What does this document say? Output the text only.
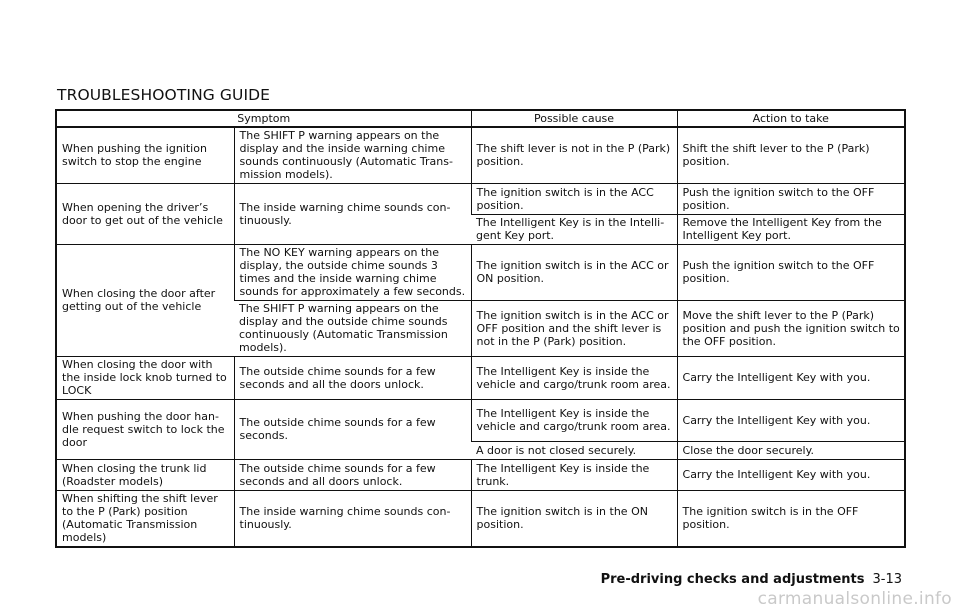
TROUBLESHOOTING GUIDE
Symptom		Possible cause	Action to take
When pushing the ignition switch to stop the engine	The SHIFT P warning appears on the display and the inside warning chime sounds continuously (Automatic Trans-mission models).	The shift lever is not in the P (Park) position.	Shift the shift lever to the P (Park) position.
When opening the driver’s door to get out of the vehicle	The inside warning chime sounds con-tinuously.	The ignition switch is in the ACC position.	Push the ignition switch to the OFF position.
		The Intelligent Key is in the Intelli-gent Key port.	Remove the Intelligent Key from the Intelligent Key port.
When closing the door after getting out of the vehicle	The NO KEY warning appears on the display, the outside chime sounds 3 times and the inside warning chime sounds for approximately a few seconds.	The ignition switch is in the ACC or ON position.	Push the ignition switch to the OFF position.
	The SHIFT P warning appears on the display and the outside chime sounds continuously (Automatic Transmission models).	The ignition switch is in the ACC or OFF position and the shift lever is not in the P (Park) position.	Move the shift lever to the P (Park) position and push the ignition switch to the OFF position.
When closing the door with the inside lock knob turned to LOCK	The outside chime sounds for a few seconds and all the doors unlock.	The Intelligent Key is inside the vehicle and cargo/trunk room area.	Carry the Intelligent Key with you.
When pushing the door han-dle request switch to lock the door	The outside chime sounds for a few seconds.	The Intelligent Key is inside the vehicle and cargo/trunk room area.	Carry the Intelligent Key with you.
		A door is not closed securely.	Close the door securely.
When closing the trunk lid (Roadster models)	The outside chime sounds for a few seconds and all doors unlock.	The Intelligent Key is inside the trunk.	Carry the Intelligent Key with you.
When shifting the shift lever to the P (Park) position (Automatic Transmission models)	The inside warning chime sounds con-tinuously.	The ignition switch is in the ON position.	The ignition switch is in the OFF position.
Pre-driving checks and adjustments 3-13
carmanualsonline.info
